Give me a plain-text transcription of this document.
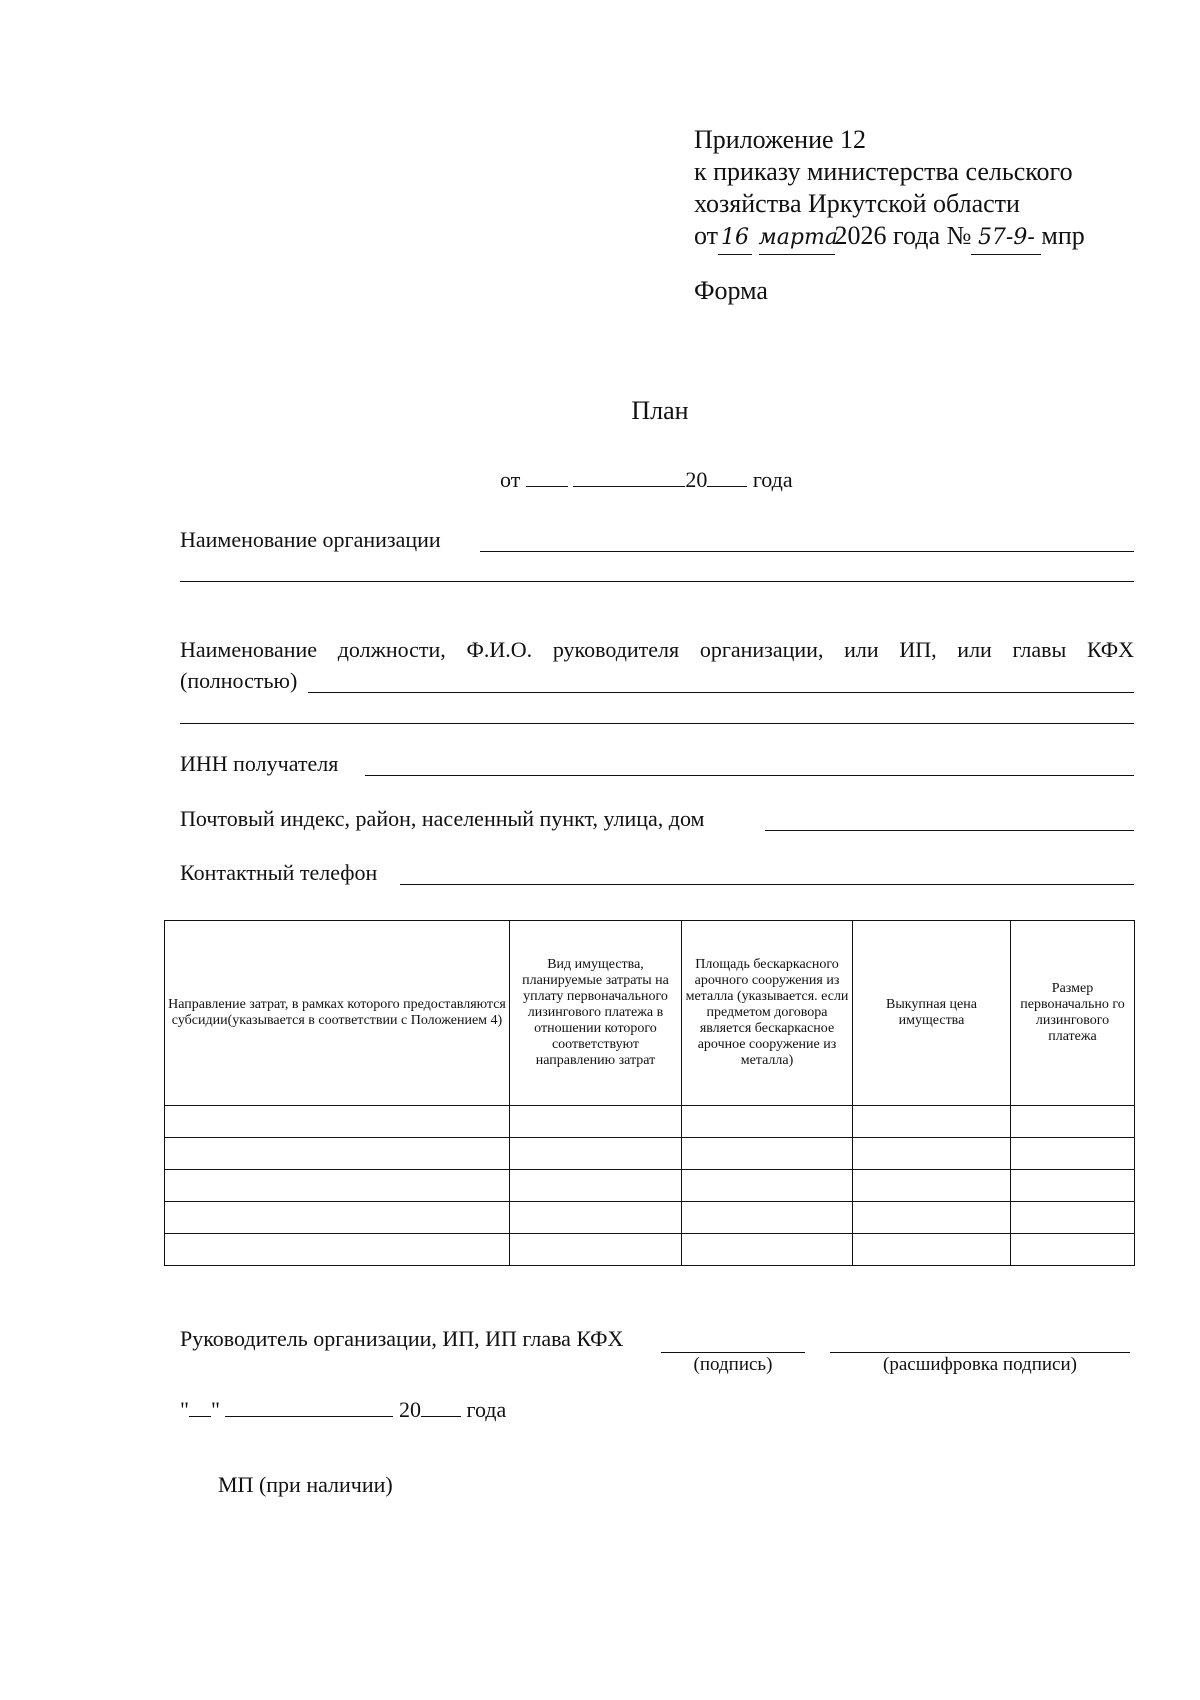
Приложение 12
к приказу министерства сельского
хозяйства Иркутской области
от 16 марта2026 года № 57-9- мпр
Форма
План
от	20 года
Наименование организации
Наименование должности, Ф.И.О. руководителя организации, или ИП, или главы КФХ
(полностью)
ИНН получателя
Почтовый индекс, район, населенный пункт, улица, дом
Контактный телефон
Направление затрат, в рамках которого предоставляются субсидии(указывается в соответствии с Положением 4)	Вид имущества, планируемые затраты на уплату первоначального лизингового платежа в отношении которого соответствуют направлению затрат	Площадь бескаркасного арочного сооружения из металла (указывается. если предметом договора является бескаркасное арочное сооружение из металла)	Выкупная цена имущества	Размер первоначально го лизингового платежа

Руководитель организации, ИП, ИП глава КФХ
(подпись)	(расшифровка подписи)
" "	20 года
МП (при наличии)
